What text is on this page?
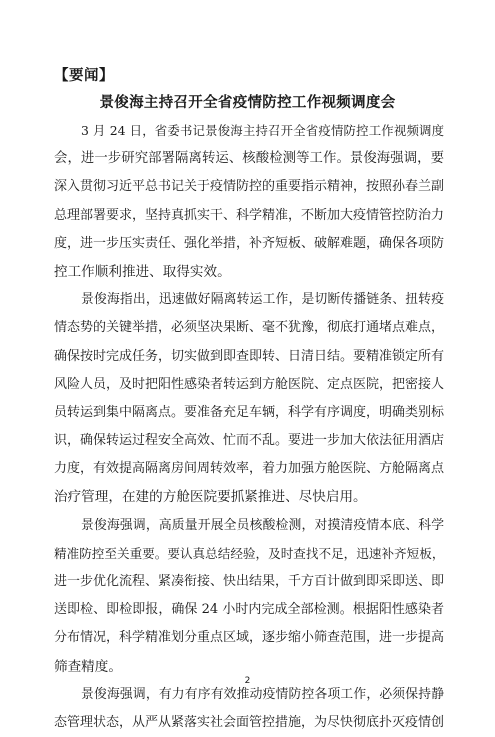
【要闻】
景俊海主持召开全省疫情防控工作视频调度会
3 月 24 日，省委书记景俊海主持召开全省疫情防控工作视频调度
会，进一步研究部署隔离转运、核酸检测等工作。景俊海强调，要
深入贯彻习近平总书记关于疫情防控的重要指示精神，按照孙春兰副
总理部署要求，坚持真抓实干、科学精准，不断加大疫情管控防治力
度，进一步压实责任、强化举措，补齐短板、破解难题，确保各项防
控工作顺利推进、取得实效。
景俊海指出，迅速做好隔离转运工作，是切断传播链条、扭转疫
情态势的关键举措，必须坚决果断、毫不犹豫，彻底打通堵点难点，
确保按时完成任务，切实做到即查即转、日清日结。要精准锁定所有
风险人员，及时把阳性感染者转运到方舱医院、定点医院，把密接人
员转运到集中隔离点。要准备充足车辆，科学有序调度，明确类别标
识，确保转运过程安全高效、忙而不乱。要进一步加大依法征用酒店
力度，有效提高隔离房间周转效率，着力加强方舱医院、方舱隔离点
治疗管理，在建的方舱医院要抓紧推进、尽快启用。
景俊海强调，高质量开展全员核酸检测，对摸清疫情本底、科学
精准防控至关重要。要认真总结经验，及时查找不足，迅速补齐短板，
进一步优化流程、紧凑衔接、快出结果，千方百计做到即采即送、即
送即检、即检即报，确保 24 小时内完成全部检测。根据阳性感染者
分布情况，科学精准划分重点区域，逐步缩小筛查范围，进一步提高
筛查精度。
景俊海强调，有力有序有效推动疫情防控各项工作，必须保持静
态管理状态，从严从紧落实社会面管控措施，为尽快彻底扑灭疫情创
2
